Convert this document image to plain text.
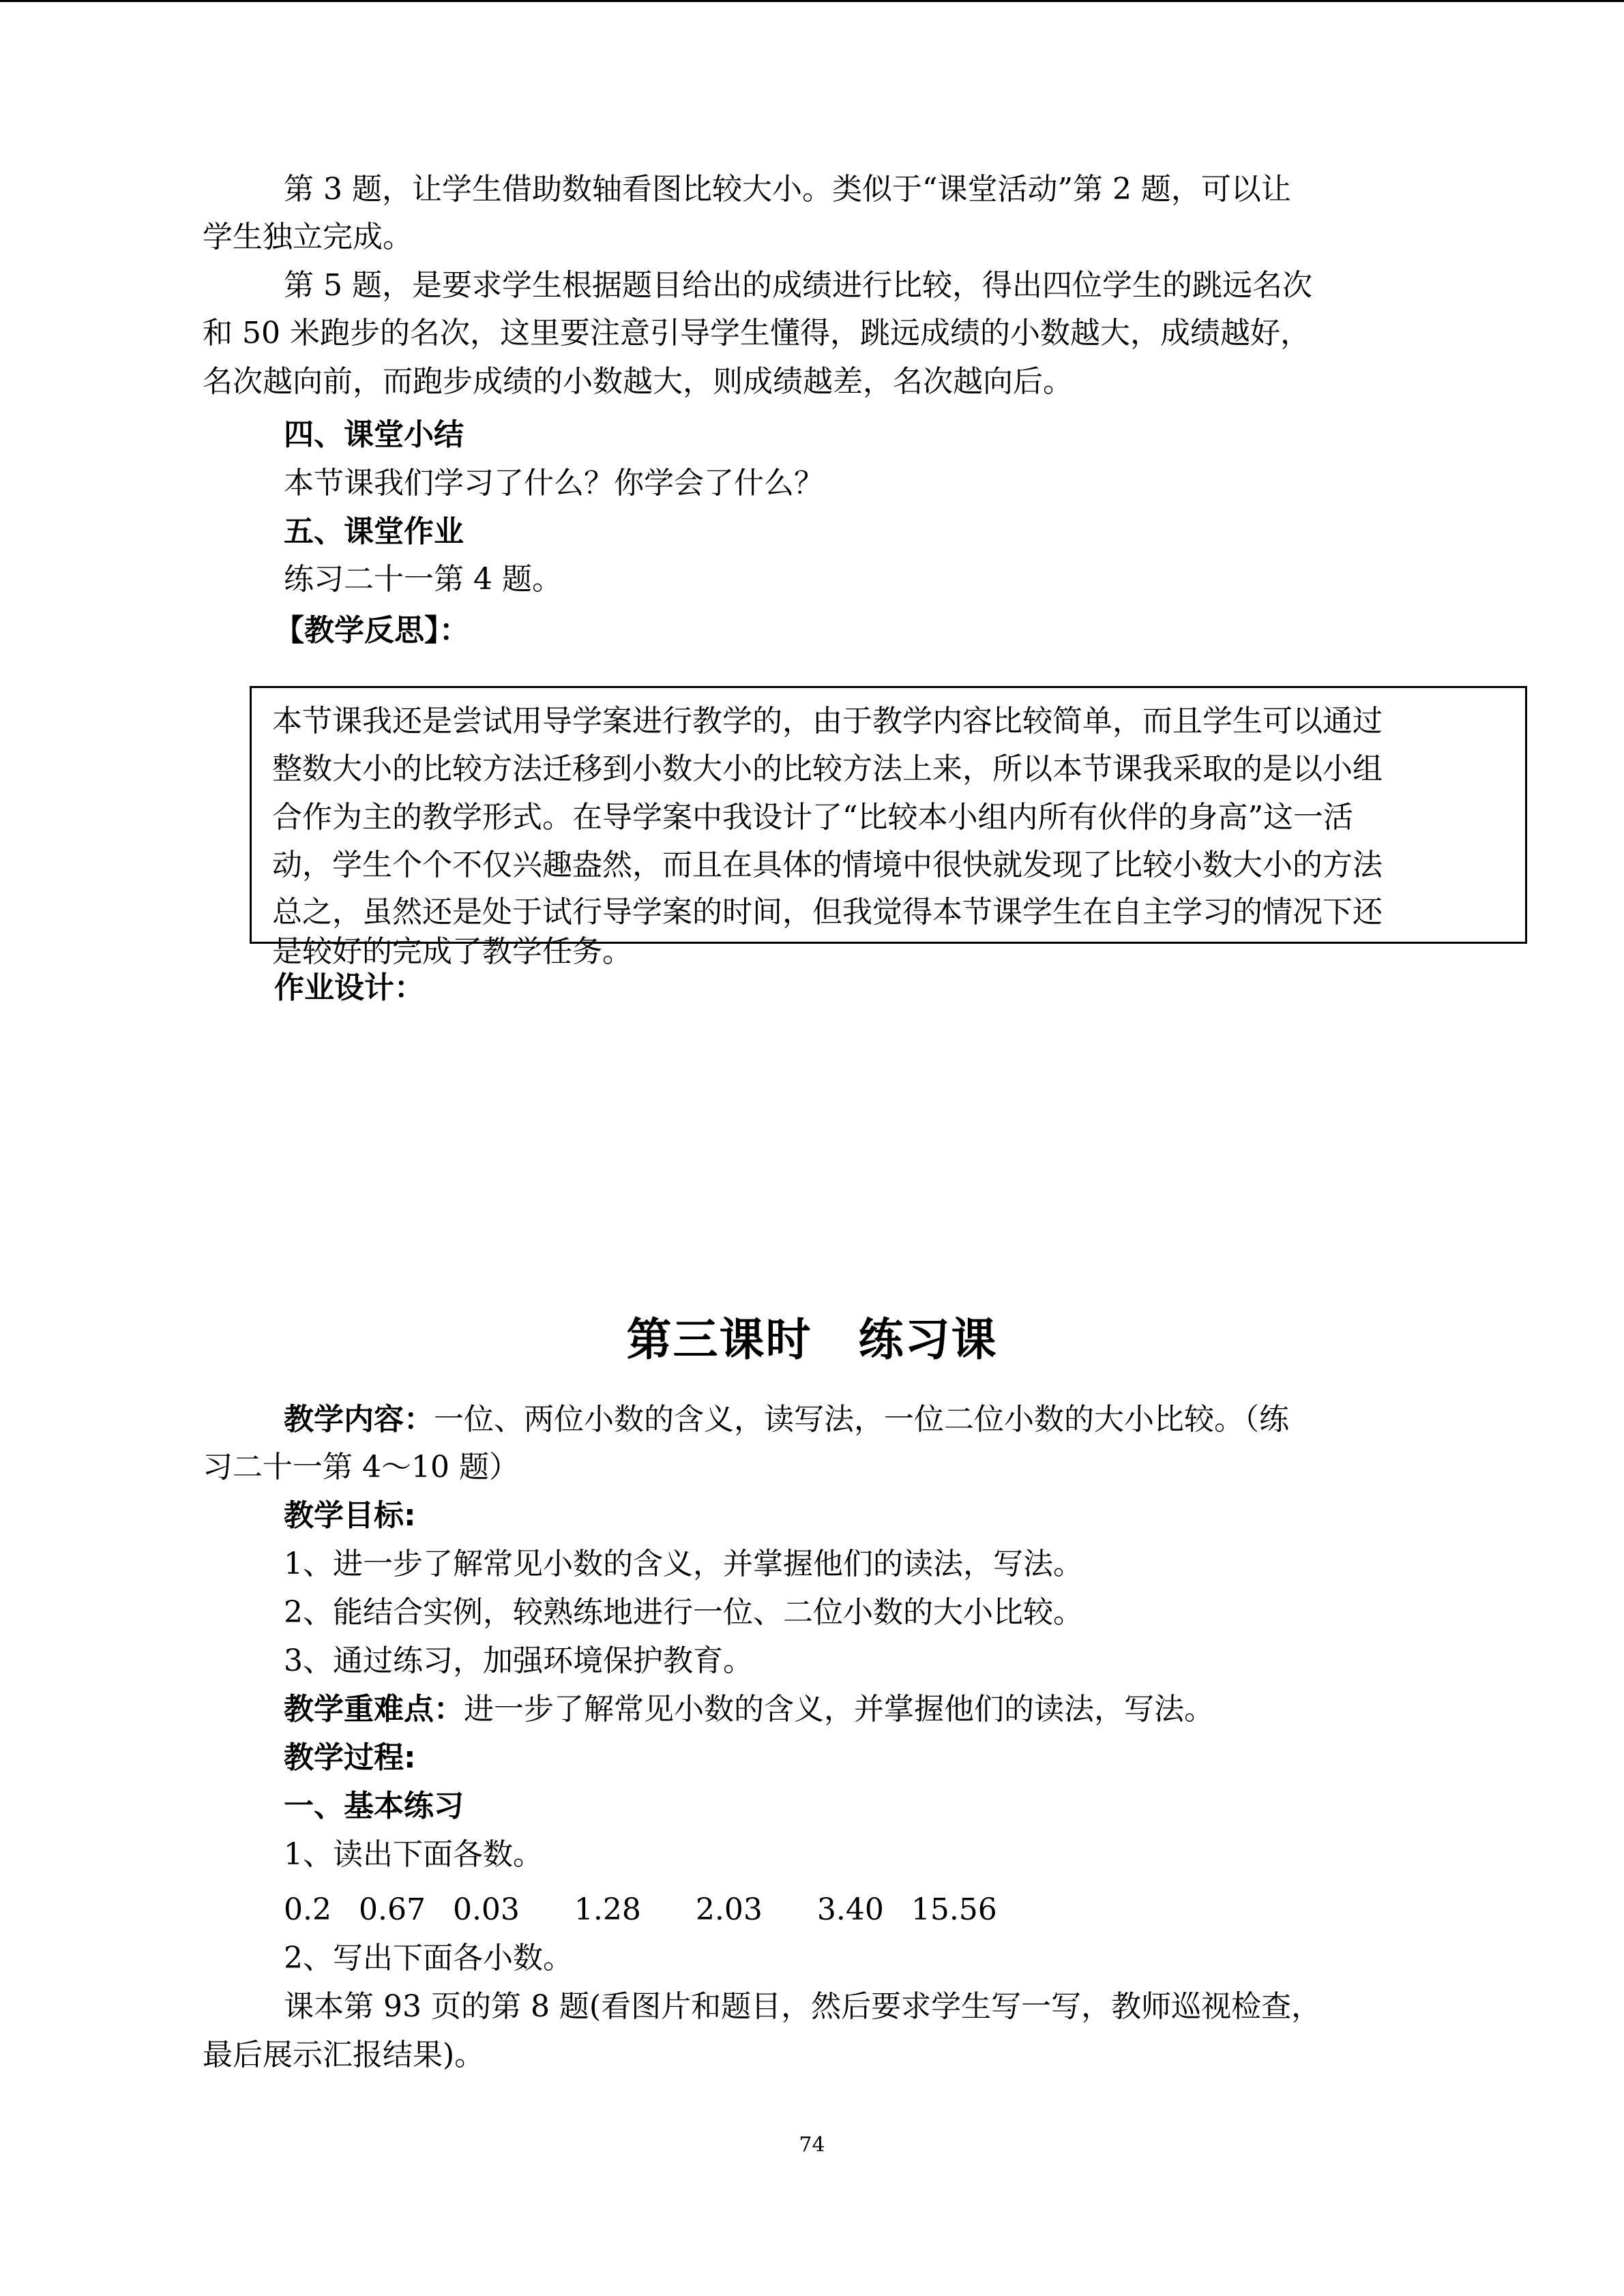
第 3 题，让学生借助数轴看图比较大小。类似于“课堂活动”第 2 题，可以让

学生独立完成。

第 5 题，是要求学生根据题目给出的成绩进行比较，得出四位学生的跳远名次

和 50 米跑步的名次，这里要注意引导学生懂得，跳远成绩的小数越大，成绩越好，

名次越向前，而跑步成绩的小数越大，则成绩越差，名次越向后。

四、课堂小结

本节课我们学习了什么？你学会了什么？

五、课堂作业

练习二十一第 4 题。

【教学反思】：

本节课我还是尝试用导学案进行教学的，由于教学内容比较简单，而且学生可以通过

整数大小的比较方法迁移到小数大小的比较方法上来，所以本节课我采取的是以小组

合作为主的教学形式。在导学案中我设计了“比较本小组内所有伙伴的身高”这一活

动，学生个个不仅兴趣盎然，而且在具体的情境中很快就发现了比较小数大小的方法

总之，虽然还是处于试行导学案的时间，但我觉得本节课学生在自主学习的情况下还

是较好的完成了教学任务。

作业设计：

第三课时　练习课

教学内容：一位、两位小数的含义，读写法，一位二位小数的大小比较。（练

习二十一第 4～10 题）

教学目标:

1、进一步了解常见小数的含义，并掌握他们的读法，写法。

2、能结合实例，较熟练地进行一位、二位小数的大小比较。

3、通过练习，加强环境保护教育。

教学重难点：进一步了解常见小数的含义，并掌握他们的读法，写法。

教学过程:

一、基本练习

1、读出下面各数。

0.2 0.67 0.03 1.28 2.03 3.40 15.56

2、写出下面各小数。

课本第 93 页的第 8 题(看图片和题目，然后要求学生写一写，教师巡视检查，

最后展示汇报结果)。

74
